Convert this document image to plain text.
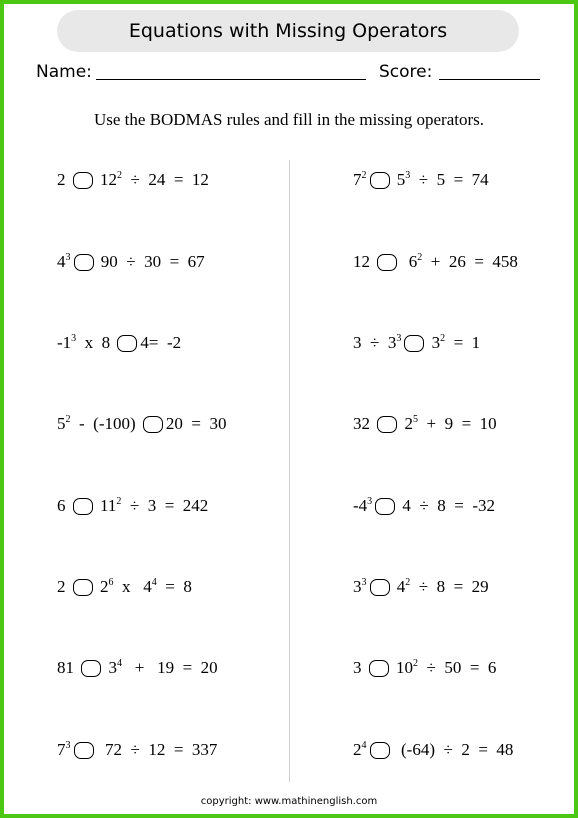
Equations with Missing Operators
Name:	Score:
Use the BODMAS rules and fill in the missing operators.
2 $12^2 \div 24 = 12$
$4^3$ 90  ÷  30  =  67
$-1^3$ x  8 4=  -2
$5^2 - (-100) 20 = 30$
6 $11^2 \div 3 = 242$
2 $2^6$ x   $4^4 = 8$
81 $3^4 + 19 = 20$
$7^3$ 72  ÷  12  =  337
$7^2$ $5^3 \div 5 = 74$
12 $6^2 + 26 = 458$
$3 \div 3^3$ $3^2 = 1$
32 $2^5 + 9 = 10$
$-4^3$ 4  ÷  8  =  -32
$3^3$ $4^2 \div 8 = 29$
3 $10^2 \div 50 = 6$
$2^4$ (-64)  ÷  2  =  48
copyright: www.mathinenglish.com
